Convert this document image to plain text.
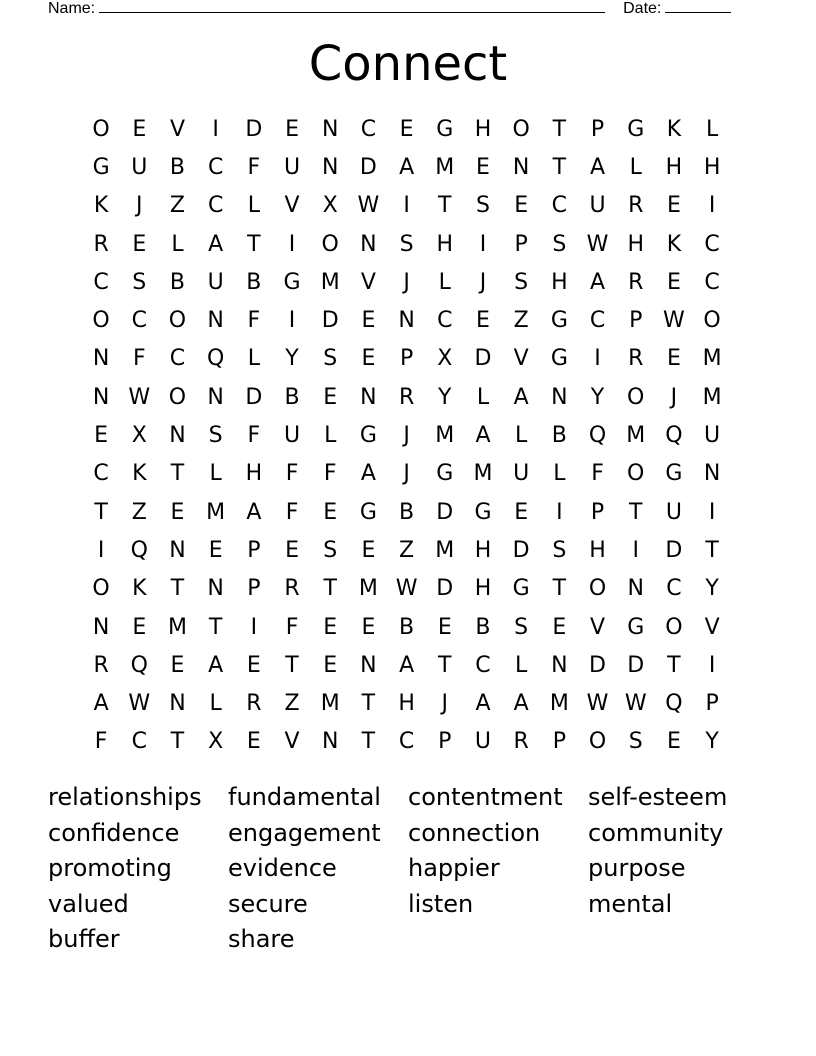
Name:	Date:
Connect
O	E	V	I	D	E	N	C	E	G H O	T	P	G	K	L
G U	B	C	F	U N D	A M E	N	T	A	L	H H
K	J	Z	C	L	V	X W	I	T	S	E	C	U	R	E	I
R	E	L	A	T	I	O N	S	H	I	P	S W H	K	C
C	S	B	U	B	G M V	J	L	J	S	H	A	R	E	C
O C O N	F	I	D	E	N	C	E	Z	G C	P W O
N	F	C Q	L	Y	S	E	P	X	D	V	G	I	R	E M
N W O N D	B	E	N	R	Y	L	A	N	Y	O	J	M
E	X	N	S	F	U	L	G	J	M A	L	B Q M Q U
C	K	T	L	H	F	F	A	J	G M U	L	F	O G N
T	Z	E M A	F	E	G	B	D G	E	I	P	T	U	I
I	Q N	E	P	E	S	E	Z M H D	S	H	I	D	T
O	K	T	N	P	R	T M W D H G	T	O N	C	Y
N	E M T	I	F	E	E	B	E	B	S	E	V	G O	V
R Q	E	A	E	T	E	N	A	T	C	L	N D D	T	I
A W N	L	R	Z M T	H	J	A	A M W W Q	P
F	C	T	X	E	V	N	T	C	P	U	R	P	O	S	E	Y
relationships	fundamental	contentment	self-esteem
confidence	engagement	connection	community
promoting	evidence	happier	purpose
valued	secure	listen	mental
buffer	share
